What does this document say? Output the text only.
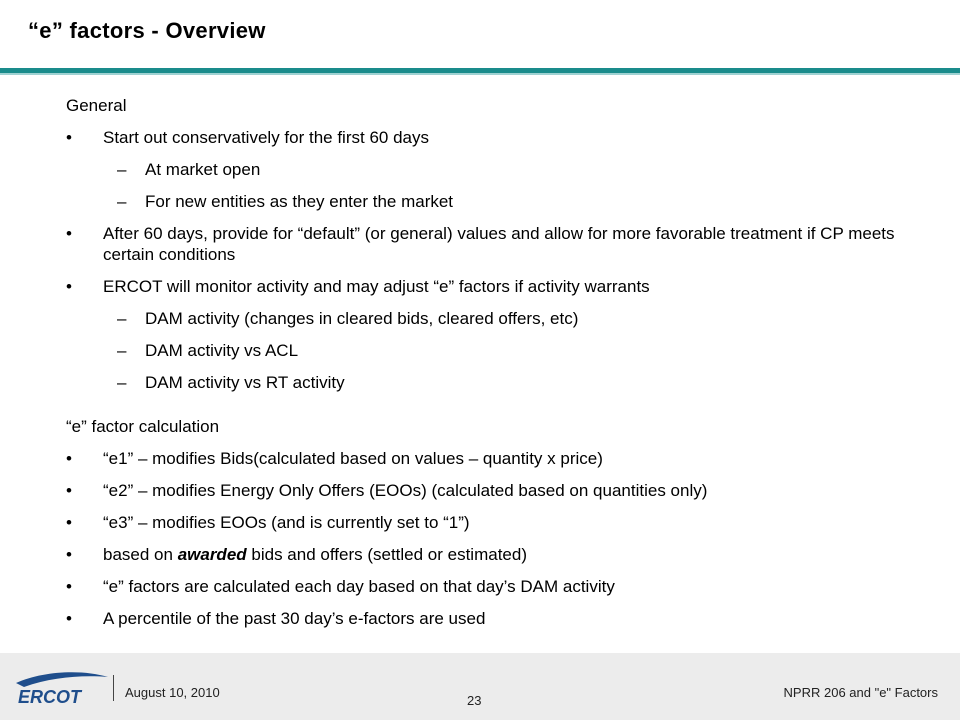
“e” factors - Overview
General
• Start out conservatively for the first 60 days
– At market open
– For new entities as they enter the market
• After 60 days, provide for “default” (or general) values and allow for more favorable treatment if CP meets certain conditions
• ERCOT will monitor activity and may adjust “e” factors if activity warrants
– DAM activity (changes in cleared bids, cleared offers, etc)
– DAM activity vs ACL
– DAM activity vs RT activity
“e” factor calculation
• “e1” – modifies Bids(calculated based on values – quantity x price)
• “e2” – modifies Energy Only Offers (EOOs) (calculated based on quantities only)
• “e3” – modifies EOOs (and is currently set to “1”)
• based on awarded bids and offers (settled or estimated)
• “e” factors are calculated each day based on that day’s DAM activity
• A percentile of the past 30 day’s e-factors are used
ERCOT	August 10, 2010
23
NPRR 206 and "e" Factors
